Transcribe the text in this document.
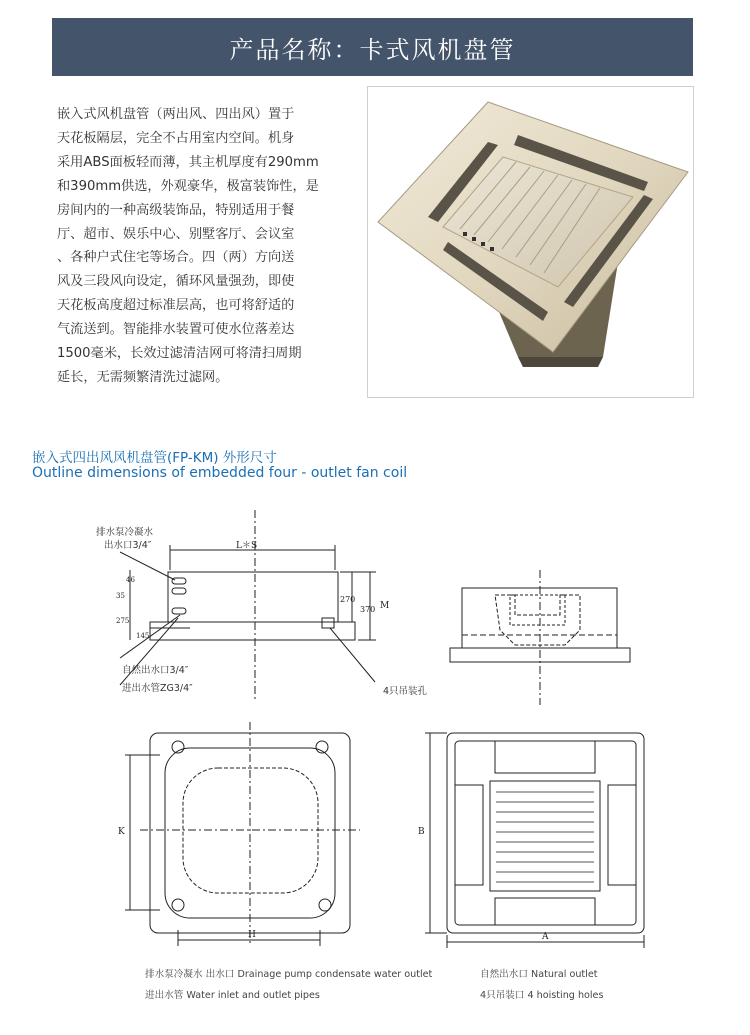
产品名称：卡式风机盘管
嵌入式风机盘管（两出风、四出风）置于
天花板隔层，完全不占用室内空间。机身
采用ABS面板轻而薄，其主机厚度有290mm
和390mm供选，外观豪华，极富装饰性，是
房间内的一种高级装饰品，特别适用于餐
厅、超市、娱乐中心、别墅客厅、会议室
、各种户式住宅等场合。四（两）方向送
风及三段风向设定，循环风量强劲，即使
天花板高度超过标准层高，也可将舒适的
气流送到。智能排水装置可使水位落差达
1500毫米，长效过滤清洁网可将清扫周期
延长，无需频繁清洗过滤网。
嵌入式四出风风机盘管(FP-KM) 外形尺寸
Outline dimensions of embedded four - outlet fan coil
L＊S
M
270
370
46
35
275
145
K
H
B
A
排水泵冷凝水
出水口3/4″
自然出水口3/4″
进出水管ZG3/4″	4只吊装孔
排水泵冷凝水 出水口 Drainage pump condensate water outlet	自然出水口 Natural outlet
进出水管 Water inlet and outlet pipes	4只吊装口 4 hoisting holes
